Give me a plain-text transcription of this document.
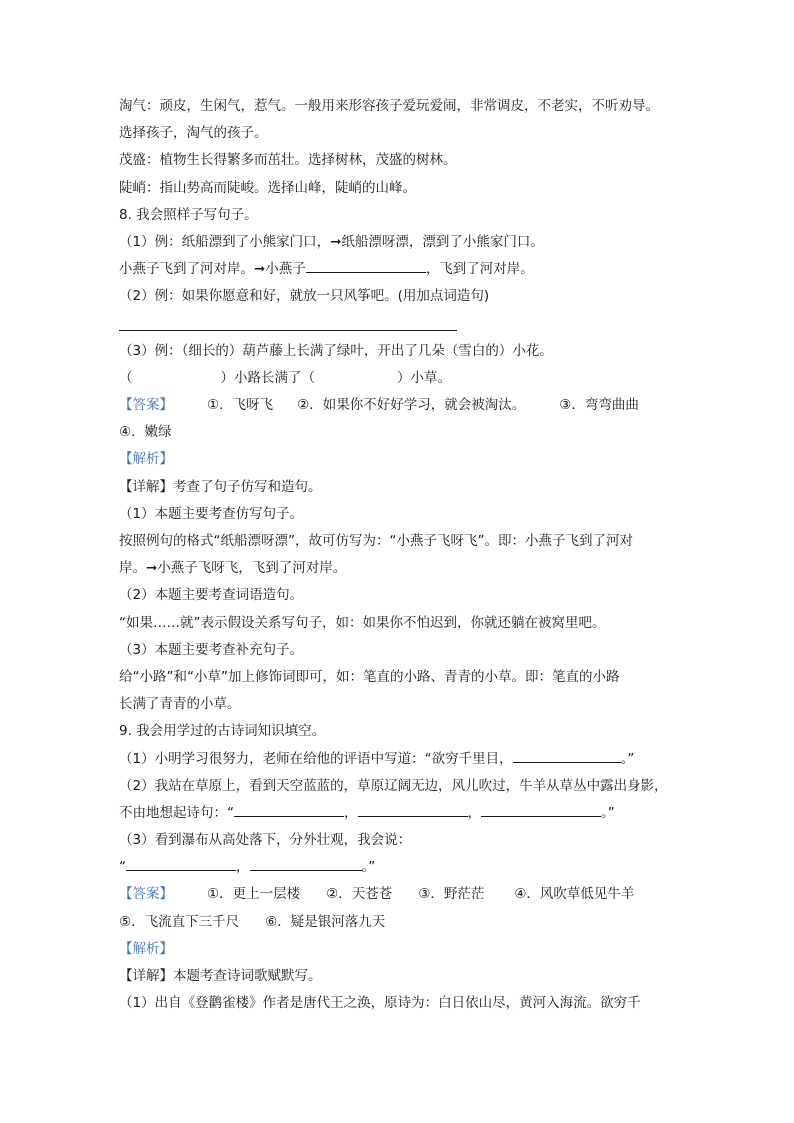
淘气：顽皮，生闲气，惹气。一般用来形容孩子爱玩爱闹，非常调皮，不老实，不听劝导。
选择孩子，淘气的孩子。
茂盛：植物生长得繁多而茁壮。选择树林，茂盛的树林。
陡峭：指山势高而陡峻。选择山峰，陡峭的山峰。
8. 我会照样子写句子。
（1）例：纸船漂到了小熊家门口，➞纸船漂呀漂，漂到了小熊家门口。
小燕子飞到了河对岸。➞小燕子	，飞到了河对岸。
（2）例：如果你愿意和好，就放一只风筝吧。(用加点词造句)
（3）例：（细长的）葫芦藤上长满了绿叶，开出了几朵（雪白的）小花。
（	）小路长满了（	）小草。
【答案】	①．飞呀飞 ②．如果你不好好学习，就会被淘汰。	③．弯弯曲曲
④．嫩绿
【解析】
【详解】考查了句子仿写和造句。
（1）本题主要考查仿写句子。
按照例句的格式“纸船漂呀漂”，故可仿写为：“小燕子飞呀飞”。即：小燕子飞到了河对
岸。➞小燕子飞呀飞，飞到了河对岸。
（2）本题主要考查词语造句。
“如果……就”表示假设关系写句子，如：如果你不怕迟到，你就还躺在被窝里吧。
（3）本题主要考查补充句子。
给“小路”和“小草”加上修饰词即可，如：笔直的小路、青青的小草。即：笔直的小路
长满了青青的小草。
9. 我会用学过的古诗词知识填空。
（1）小明学习很努力，老师在给他的评语中写道：“欲穷千里目，	。”
（2）我站在草原上，看到天空蓝蓝的，草原辽阔无边，风儿吹过，牛羊从草丛中露出身影，
不由地想起诗句：“	，	，	。”
（3）看到瀑布从高处落下，分外壮观，我会说：
“	，	。”
【答案】	①．更上一层楼 ②．天苍苍 ③．野茫茫 ④．风吹草低见牛羊
⑤．飞流直下三千尺 ⑥．疑是银河落九天
【解析】
【详解】本题考查诗词歌赋默写。
（1）出自《登鹳雀楼》作者是唐代王之涣，原诗为：白日依山尽，黄河入海流。欲穷千
